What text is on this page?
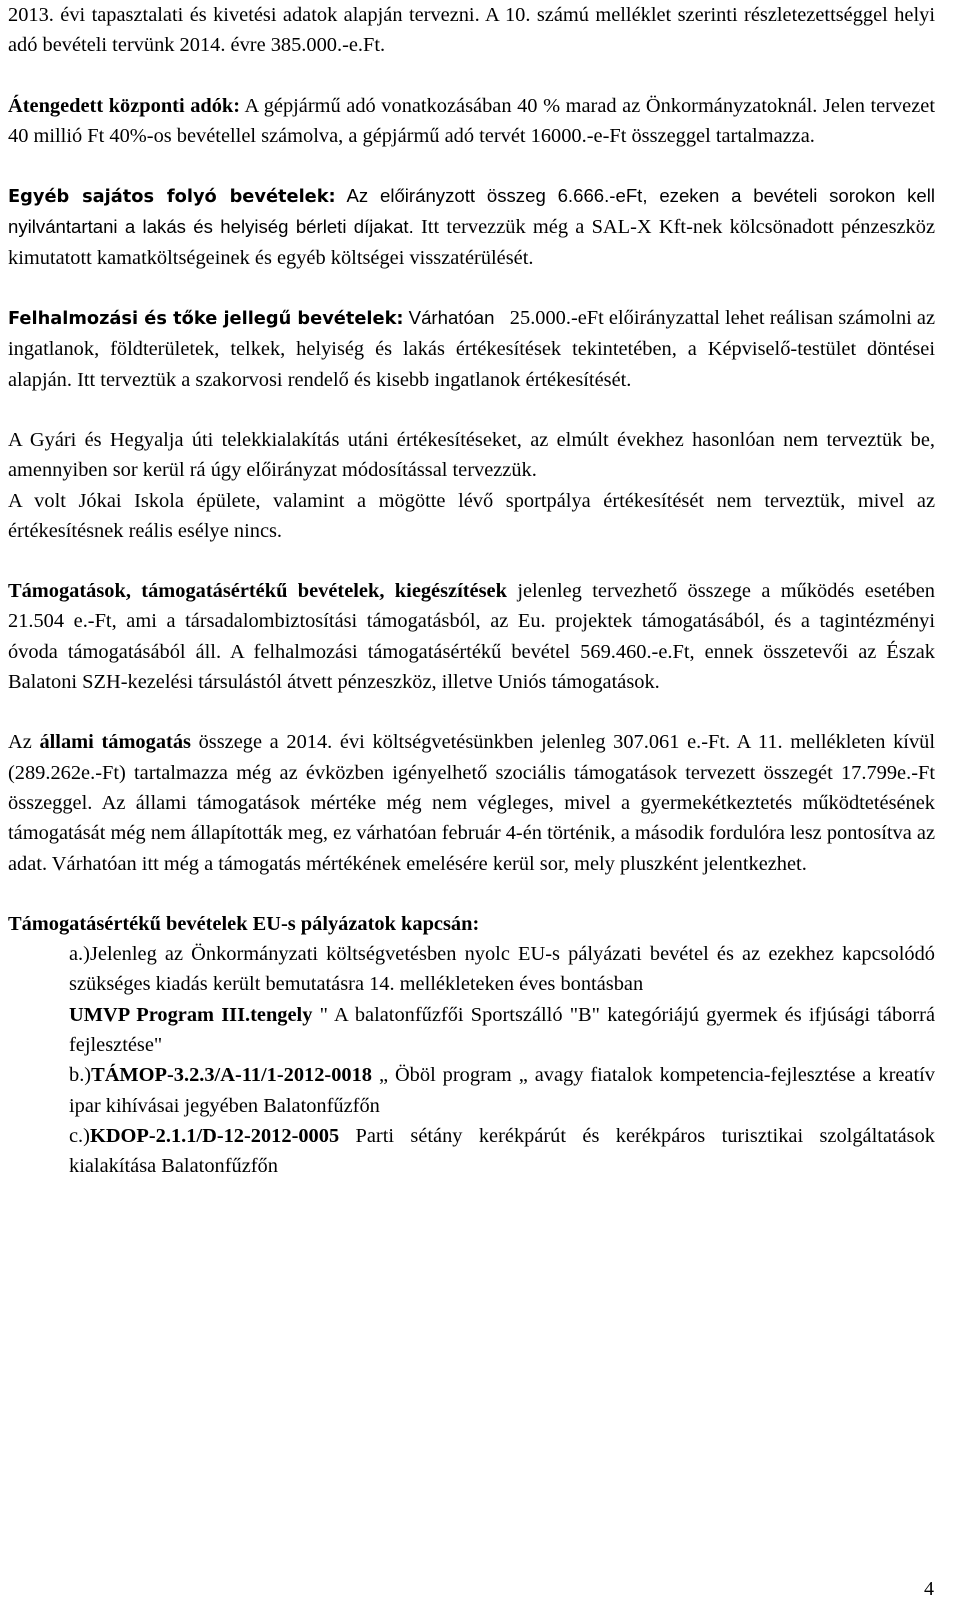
2013. évi tapasztalati és kivetési adatok alapján tervezni. A 10. számú melléklet szerinti részletezettséggel helyi adó bevételi tervünk 2014. évre 385.000.-e.Ft.

Átengedett központi adók: A gépjármű adó vonatkozásában 40 % marad az Önkormányzatoknál. Jelen tervezet 40 millió Ft 40%-os bevétellel számolva, a gépjármű adó tervét 16000.-e-Ft összeggel tartalmazza.

Egyéb sajátos folyó bevételek: Az előirányzott összeg 6.666.-eFt, ezeken a bevételi sorokon kell nyilvántartani a lakás és helyiség bérleti díjakat. Itt tervezzük még a SAL-X Kft-nek kölcsönadott pénzeszköz kimutatott kamatköltségeinek és egyéb költségei visszatérülését.

Felhalmozási és tőke jellegű bevételek: Várhatóan 25.000.-eFt előirányzattal lehet reálisan számolni az ingatlanok, földterületek, telkek, helyiség és lakás értékesítések tekintetében, a Képviselő-testület döntései alapján. Itt terveztük a szakorvosi rendelő és kisebb ingatlanok értékesítését.

A Gyári és Hegyalja úti telekkialakítás utáni értékesítéseket, az elmúlt évekhez hasonlóan nem terveztük be, amennyiben sor kerül rá úgy előirányzat módosítással tervezzük.

A volt Jókai Iskola épülete, valamint a mögötte lévő sportpálya értékesítését nem terveztük, mivel az értékesítésnek reális esélye nincs.

Támogatások, támogatásértékű bevételek, kiegészítések jelenleg tervezhető összege a működés esetében 21.504 e.-Ft, ami a társadalombiztosítási támogatásból, az Eu. projektek támogatásából, és a tagintézményi óvoda támogatásából áll. A felhalmozási támogatásértékű bevétel 569.460.-e.Ft, ennek összetevői az Észak Balatoni SZH-kezelési társulástól átvett pénzeszköz, illetve Uniós támogatások.

Az állami támogatás összege a 2014. évi költségvetésünkben jelenleg 307.061 e.-Ft. A 11. mellékleten kívül (289.262e.-Ft) tartalmazza még az évközben igényelhető szociális támogatások tervezett összegét 17.799e.-Ft összeggel. Az állami támogatások mértéke még nem végleges, mivel a gyermekétkeztetés működtetésének támogatását még nem állapították meg, ez várhatóan február 4-én történik, a második fordulóra lesz pontosítva az adat. Várhatóan itt még a támogatás mértékének emelésére kerül sor, mely pluszként jelentkezhet.

Támogatásértékű bevételek EU-s pályázatok kapcsán:

a.)Jelenleg az Önkormányzati költségvetésben nyolc EU-s pályázati bevétel és az ezekhez kapcsolódó szükséges kiadás került bemutatásra 14. mellékleteken éves bontásban

UMVP Program III.tengely " A balatonfűzfői Sportszálló "B" kategóriájú gyermek és ifjúsági táborrá fejlesztése"

b.)TÁMOP-3.2.3/A-11/1-2012-0018 „ Öböl program „ avagy fiatalok kompetencia-fejlesztése a kreatív ipar kihívásai jegyében Balatonfűzfőn

c.)KDOP-2.1.1/D-12-2012-0005 Parti sétány kerékpárút és kerékpáros turisztikai szolgáltatások kialakítása Balatonfűzfőn

4
